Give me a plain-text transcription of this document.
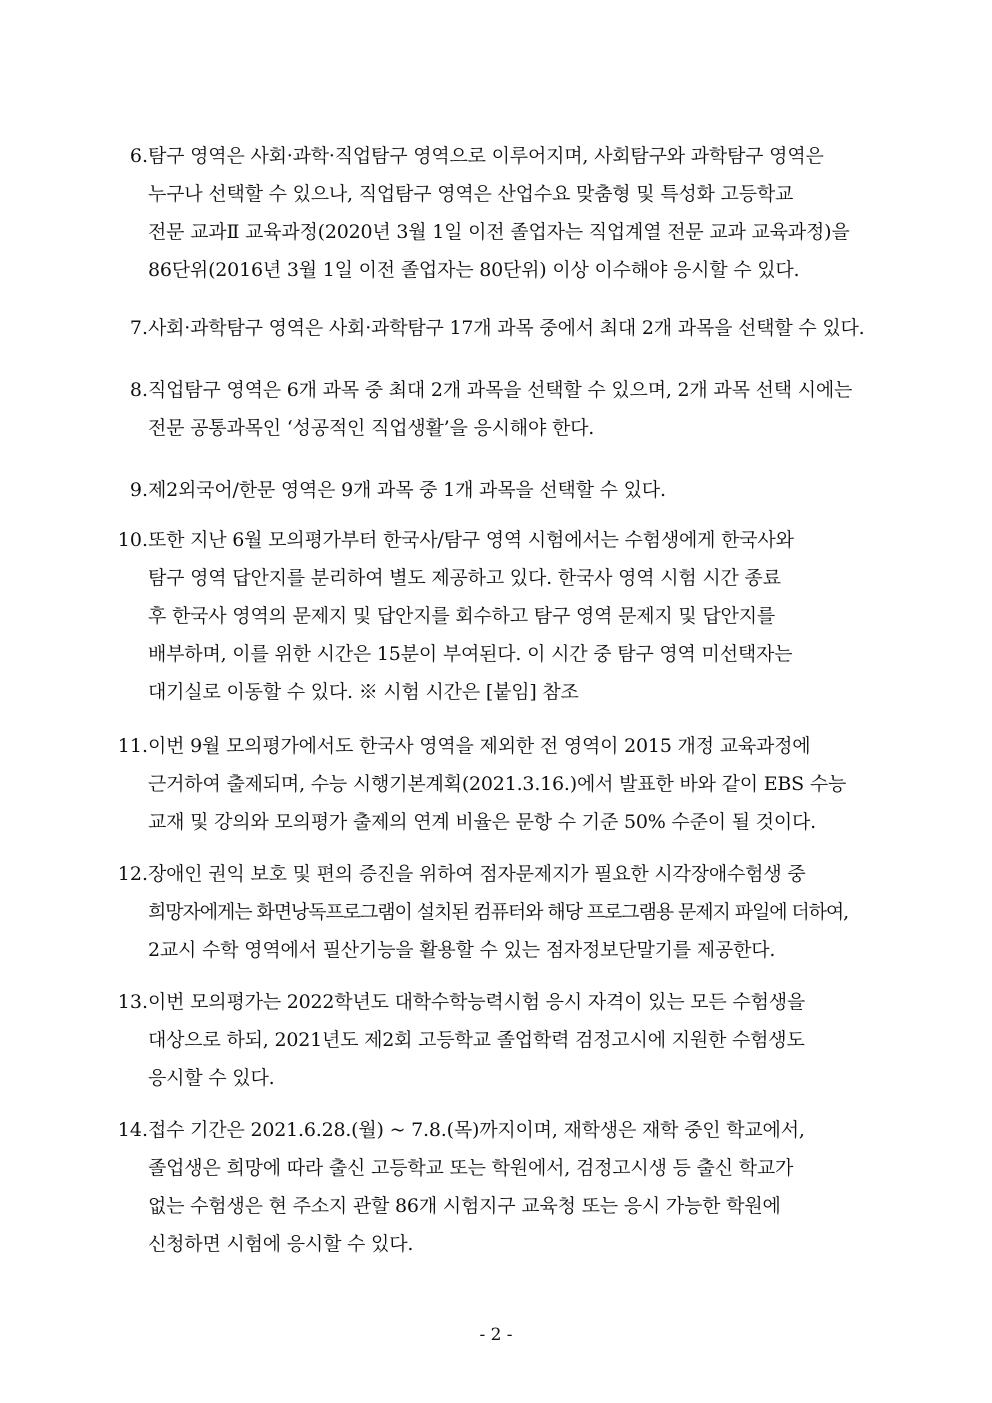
6. 탐구 영역은 사회·과학·직업탐구 영역으로 이루어지며, 사회탐구와 과학탐구 영역은
누구나 선택할 수 있으나, 직업탐구 영역은 산업수요 맞춤형 및 특성화 고등학교
전문 교과Ⅱ 교육과정(2020년 3월 1일 이전 졸업자는 직업계열 전문 교과 교육과정)을
86단위(2016년 3월 1일 이전 졸업자는 80단위) 이상 이수해야 응시할 수 있다.
7. 사회·과학탐구 영역은 사회·과학탐구 17개 과목 중에서 최대 2개 과목을 선택할 수 있다.
8. 직업탐구 영역은 6개 과목 중 최대 2개 과목을 선택할 수 있으며, 2개 과목 선택 시에는
전문 공통과목인 ‘성공적인 직업생활’을 응시해야 한다.
9. 제2외국어/한문 영역은 9개 과목 중 1개 과목을 선택할 수 있다.
10. 또한 지난 6월 모의평가부터 한국사/탐구 영역 시험에서는 수험생에게 한국사와
탐구 영역 답안지를 분리하여 별도 제공하고 있다. 한국사 영역 시험 시간 종료
후 한국사 영역의 문제지 및 답안지를 회수하고 탐구 영역 문제지 및 답안지를
배부하며, 이를 위한 시간은 15분이 부여된다. 이 시간 중 탐구 영역 미선택자는
대기실로 이동할 수 있다. ※ 시험 시간은 [붙임] 참조
11. 이번 9월 모의평가에서도 한국사 영역을 제외한 전 영역이 2015 개정 교육과정에
근거하여 출제되며, 수능 시행기본계획(2021.3.16.)에서 발표한 바와 같이 EBS 수능
교재 및 강의와 모의평가 출제의 연계 비율은 문항 수 기준 50% 수준이 될 것이다.
12. 장애인 권익 보호 및 편의 증진을 위하여 점자문제지가 필요한 시각장애수험생 중
희망자에게는 화면낭독프로그램이 설치된 컴퓨터와 해당 프로그램용 문제지 파일에 더하여,
2교시 수학 영역에서 필산기능을 활용할 수 있는 점자정보단말기를 제공한다.
13. 이번 모의평가는 2022학년도 대학수학능력시험 응시 자격이 있는 모든 수험생을
대상으로 하되, 2021년도 제2회 고등학교 졸업학력 검정고시에 지원한 수험생도
응시할 수 있다.
14. 접수 기간은 2021.6.28.(월) ~ 7.8.(목)까지이며, 재학생은 재학 중인 학교에서,
졸업생은 희망에 따라 출신 고등학교 또는 학원에서, 검정고시생 등 출신 학교가
없는 수험생은 현 주소지 관할 86개 시험지구 교육청 또는 응시 가능한 학원에
신청하면 시험에 응시할 수 있다.
- 2 -
